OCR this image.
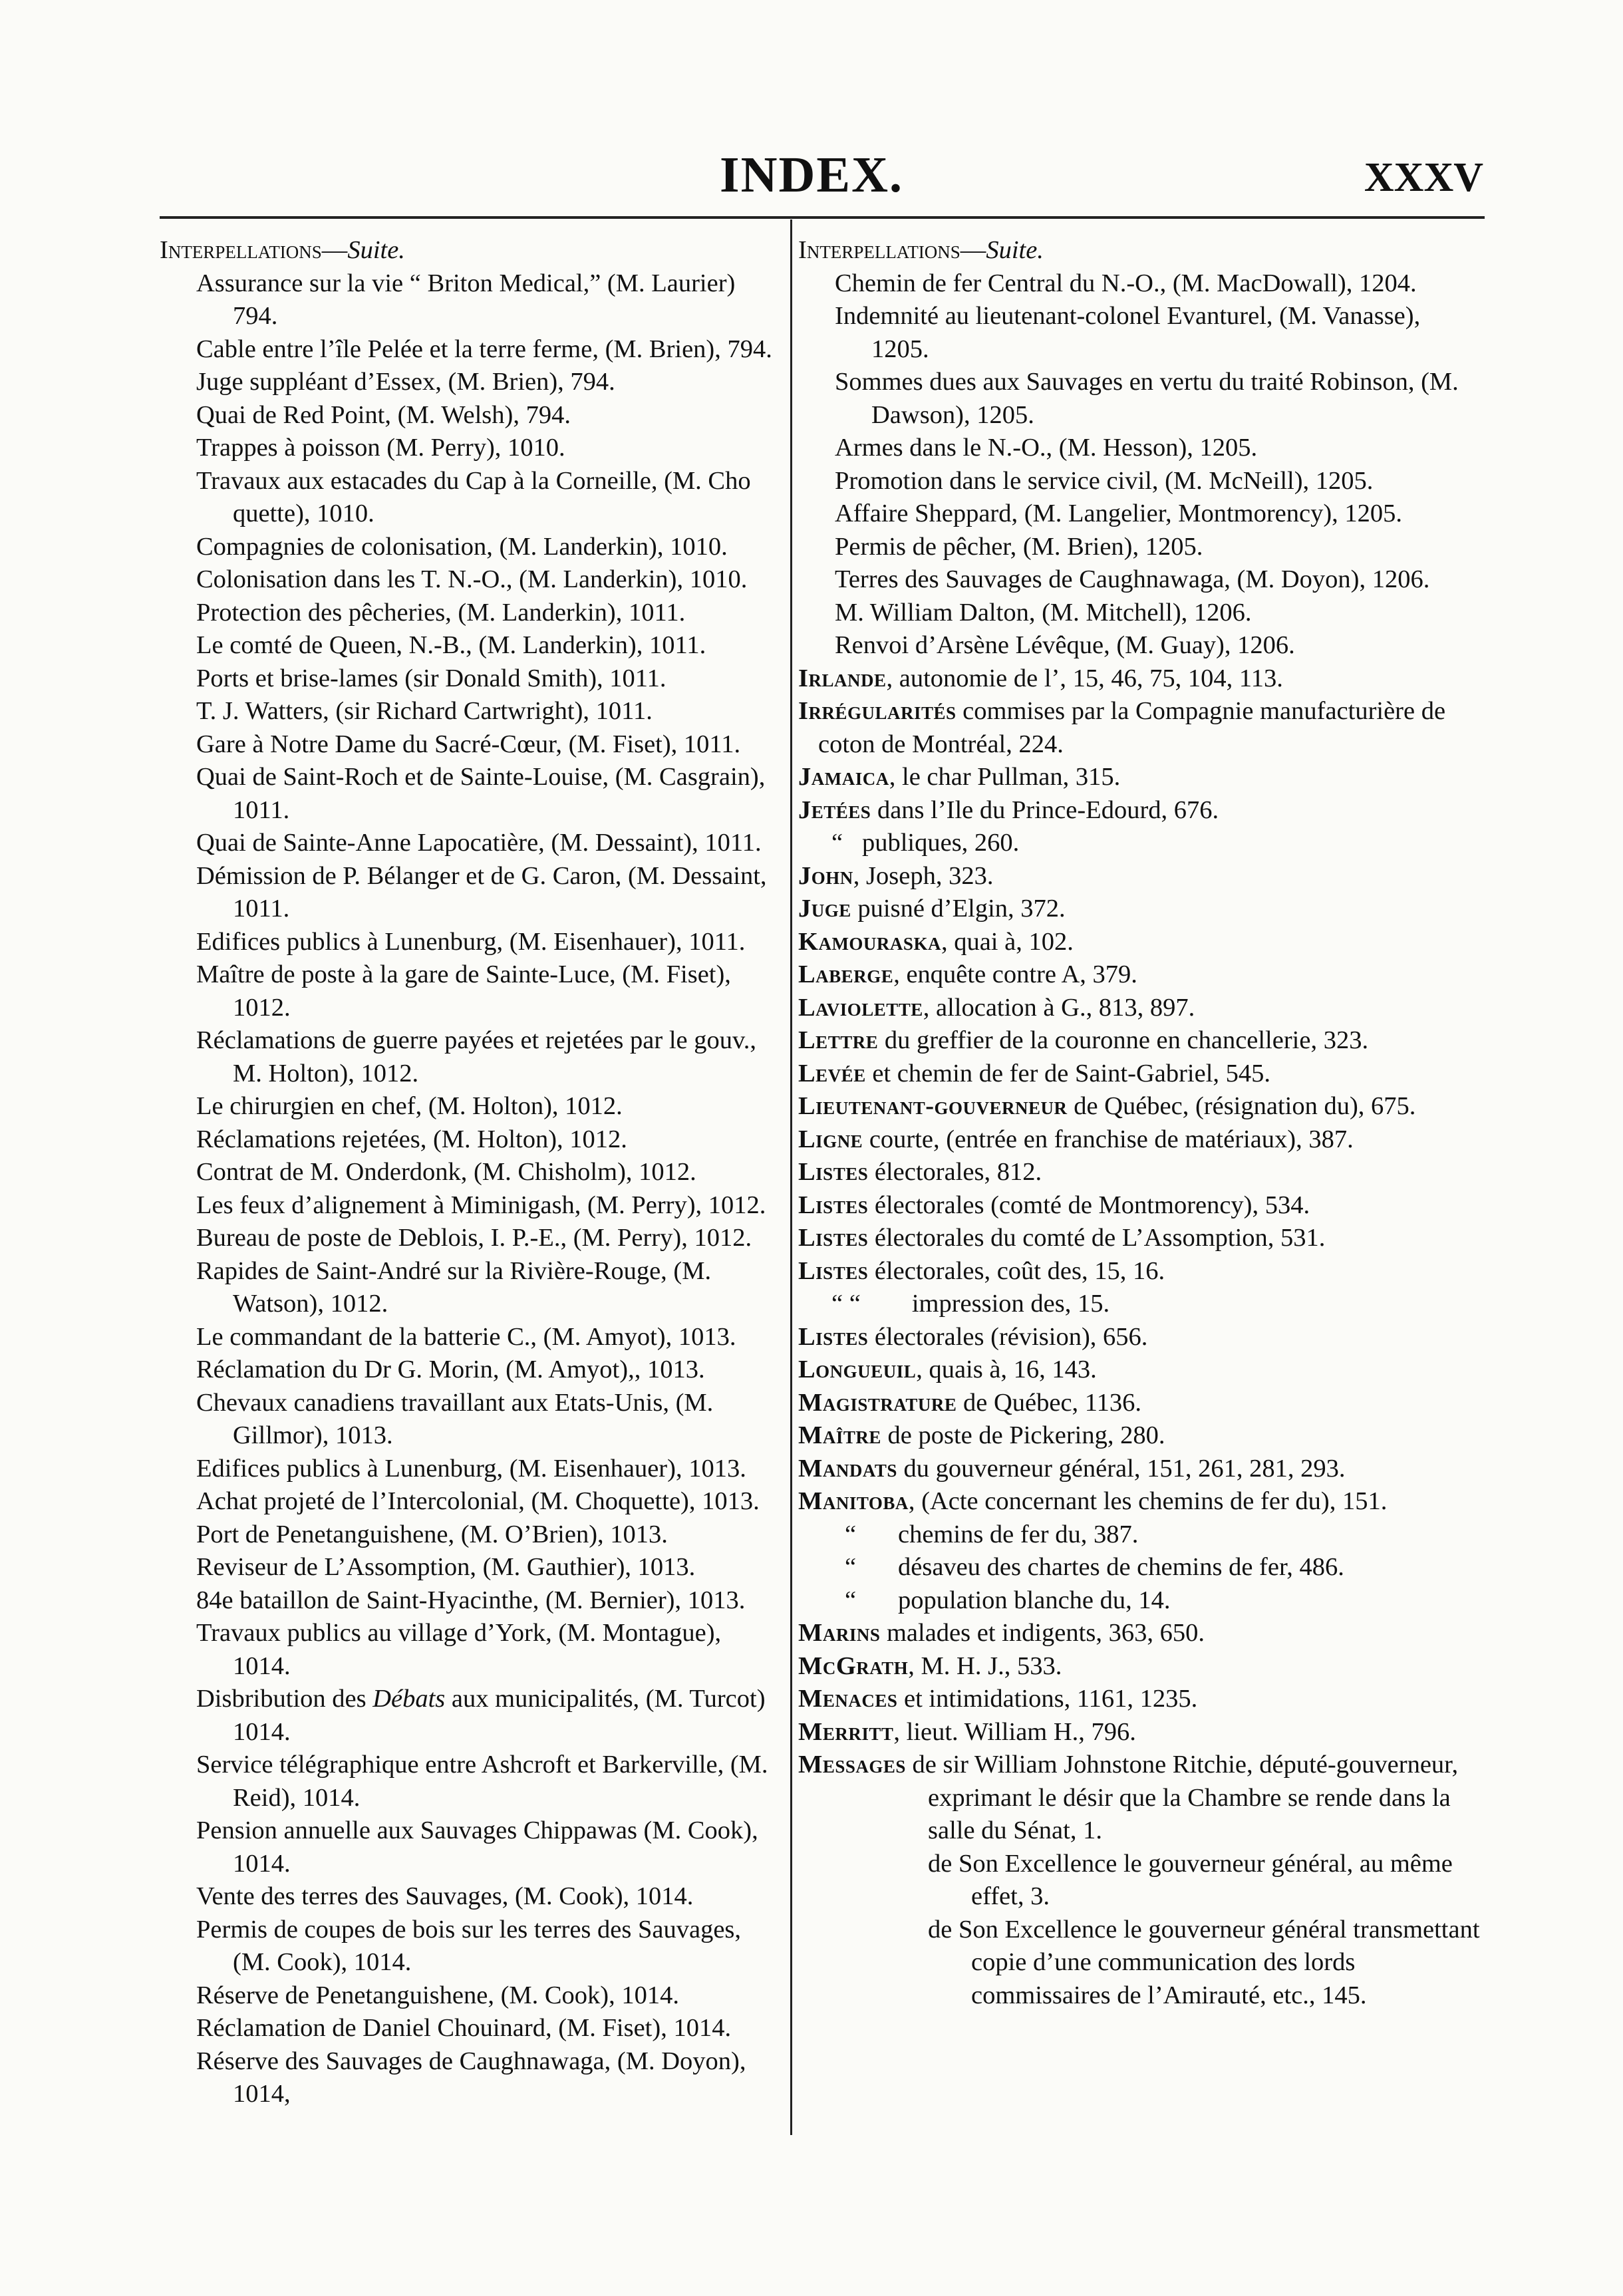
INDEX.	XXXV

Interpellations—Suite.

Assurance sur la vie “ Briton Medical,” (M. Laurier) 794.

Cable entre l’île Pelée et la terre ferme, (M. Brien), 794.

Juge suppléant d’Essex, (M. Brien), 794.

Quai de Red Point, (M. Welsh), 794.

Trappes à poisson (M. Perry), 1010.

Travaux aux estacades du Cap à la Corneille, (M. Cho quette), 1010.

Compagnies de colonisation, (M. Landerkin), 1010.

Colonisation dans les T. N.-O., (M. Landerkin), 1010.

Protection des pêcheries, (M. Landerkin), 1011.

Le comté de Queen, N.-B., (M. Landerkin), 1011.

Ports et brise-lames (sir Donald Smith), 1011.

T. J. Watters, (sir Richard Cartwright), 1011.

Gare à Notre Dame du Sacré-Cœur, (M. Fiset), 1011.

Quai de Saint-Roch et de Sainte-Louise, (M. Casgrain), 1011.

Quai de Sainte-Anne Lapocatière, (M. Dessaint), 1011.

Démission de P. Bélanger et de G. Caron, (M. Dessaint, 1011.

Edifices publics à Lunenburg, (M. Eisenhauer), 1011.

Maître de poste à la gare de Sainte-Luce, (M. Fiset), 1012.

Réclamations de guerre payées et rejetées par le gouv., M. Holton), 1012.

Le chirurgien en chef, (M. Holton), 1012.

Réclamations rejetées, (M. Holton), 1012.

Contrat de M. Onderdonk, (M. Chisholm), 1012.

Les feux d’alignement à Miminigash, (M. Perry), 1012.

Bureau de poste de Deblois, I. P.-E., (M. Perry), 1012.

Rapides de Saint-André sur la Rivière-Rouge, (M. Watson), 1012.

Le commandant de la batterie C., (M. Amyot), 1013.

Réclamation du Dr G. Morin, (M. Amyot),, 1013.

Chevaux canadiens travaillant aux Etats-Unis, (M. Gillmor), 1013.

Edifices publics à Lunenburg, (M. Eisenhauer), 1013.

Achat projeté de l’Intercolonial, (M. Choquette), 1013.

Port de Penetanguishene, (M. O’Brien), 1013.

Reviseur de L’Assomption, (M. Gauthier), 1013.

84e bataillon de Saint-Hyacinthe, (M. Bernier), 1013.

Travaux publics au village d’York, (M. Montague), 1014.

Disbribution des Débats aux municipalités, (M. Turcot) 1014.

Service télégraphique entre Ashcroft et Barkerville, (M. Reid), 1014.

Pension annuelle aux Sauvages Chippawas (M. Cook), 1014.

Vente des terres des Sauvages, (M. Cook), 1014.

Permis de coupes de bois sur les terres des Sauvages, (M. Cook), 1014.

Réserve de Penetanguishene, (M. Cook), 1014.

Réclamation de Daniel Chouinard, (M. Fiset), 1014.

Réserve des Sauvages de Caughnawaga, (M. Doyon), 1014,

Interpellations—Suite.

Chemin de fer Central du N.-O., (M. MacDowall), 1204.

Indemnité au lieutenant-colonel Evanturel, (M. Vanasse), 1205.

Sommes dues aux Sauvages en vertu du traité Robinson, (M. Dawson), 1205.

Armes dans le N.-O., (M. Hesson), 1205.

Promotion dans le service civil, (M. McNeill), 1205.

Affaire Sheppard, (M. Langelier, Montmorency), 1205.

Permis de pêcher, (M. Brien), 1205.

Terres des Sauvages de Caughnawaga, (M. Doyon), 1206.

M. William Dalton, (M. Mitchell), 1206.

Renvoi d’Arsène Lévêque, (M. Guay), 1206.

Irlande, autonomie de l’, 15, 46, 75, 104, 113.

Irrégularités commises par la Compagnie manufacturière de coton de Montréal, 224.

Jamaica, le char Pullman, 315.

Jetées dans l’Ile du Prince-Edourd, 676.

“ publiques, 260.

John, Joseph, 323.

Juge puisné d’Elgin, 372.

Kamouraska, quai à, 102.

Laberge, enquête contre A, 379.

Laviolette, allocation à G., 813, 897.

Lettre du greffier de la couronne en chancellerie, 323.

Levée et chemin de fer de Saint-Gabriel, 545.

Lieutenant-gouverneur de Québec, (résignation du), 675.

Ligne courte, (entrée en franchise de matériaux), 387.

Listes électorales, 812.

Listes électorales (comté de Montmorency), 534.

Listes électorales du comté de L’Assomption, 531.

Listes électorales, coût des, 15, 16.

“ “ impression des, 15.

Listes électorales (révision), 656.

Longueuil, quais à, 16, 143.

Magistrature de Québec, 1136.

Maître de poste de Pickering, 280.

Mandats du gouverneur général, 151, 261, 281, 293.

Manitoba, (Acte concernant les chemins de fer du), 151.

“ chemins de fer du, 387.

“ désaveu des chartes de chemins de fer, 486.

“ population blanche du, 14.

Marins malades et indigents, 363, 650.

McGrath, M. H. J., 533.

Menaces et intimidations, 1161, 1235.

Merritt, lieut. William H., 796.

Messages de sir William Johnstone Ritchie, député-gouverneur, exprimant le désir que la Chambre se rende dans la salle du Sénat, 1.

de Son Excellence le gouverneur général, au même effet, 3.

de Son Excellence le gouverneur général transmettant copie d’une communication des lords commissaires de l’Amirauté, etc., 145.
